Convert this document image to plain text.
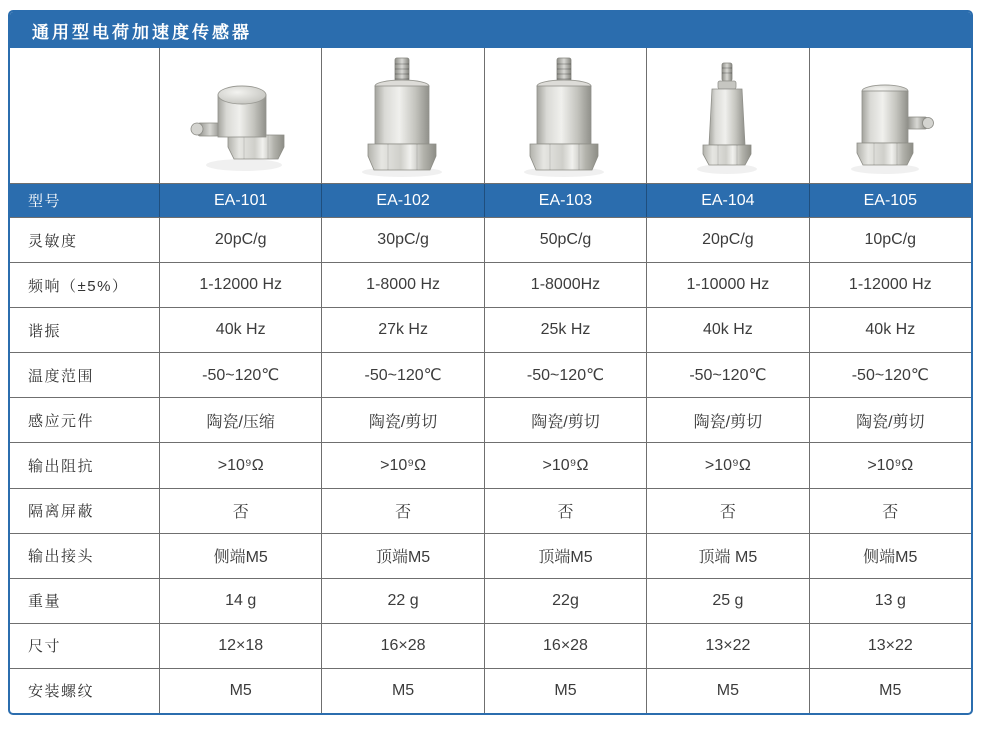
通用型电荷加速度传感器
型号	EA-101	EA-102	EA-103	EA-104	EA-105
灵敏度	20pC/g	30pC/g	50pC/g	20pC/g	10pC/g
频响（±5%）	1-12000 Hz	1-8000 Hz	1-8000Hz	1-10000 Hz	1-12000 Hz
谐振	40k Hz	27k Hz	25k Hz	40k Hz	40k Hz
温度范围	-50~120℃	-50~120℃	-50~120℃	-50~120℃	-50~120℃
感应元件	陶瓷/压缩	陶瓷/剪切	陶瓷/剪切	陶瓷/剪切	陶瓷/剪切
输出阻抗	>10⁹Ω	>10⁹Ω	>10⁹Ω	>10⁹Ω	>10⁹Ω
隔离屏蔽	否	否	否	否	否
输出接头	侧端M5	顶端M5	顶端M5	顶端 M5	侧端M5
重量	14 g	22 g	22g	25 g	13 g
尺寸	12×18	16×28	16×28	13×22	13×22
安装螺纹	M5	M5	M5	M5	M5
